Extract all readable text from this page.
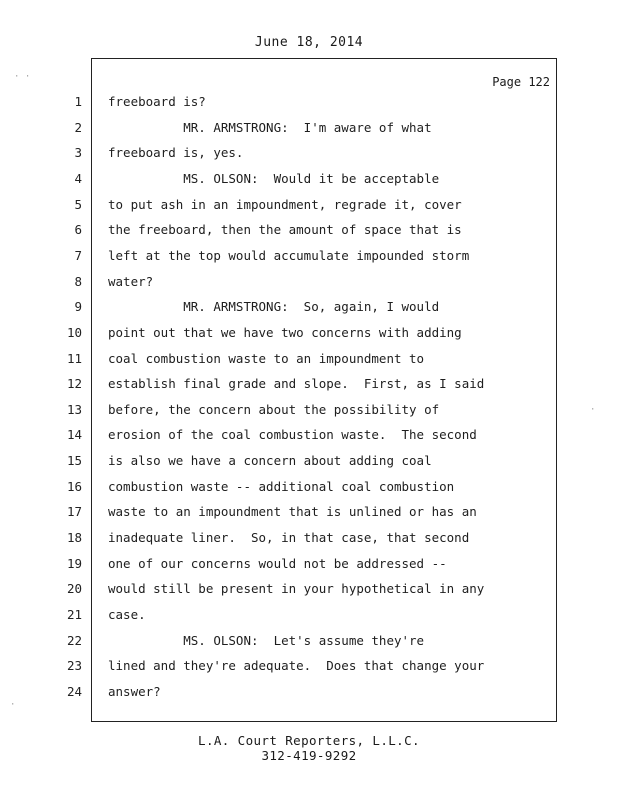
June 18, 2014
Page 122
1 freeboard is?
2 MR. ARMSTRONG:  I'm aware of what
3 freeboard is, yes.
4 MS. OLSON:  Would it be acceptable
5 to put ash in an impoundment, regrade it, cover
6 the freeboard, then the amount of space that is
7 left at the top would accumulate impounded storm
8 water?
9 MR. ARMSTRONG:  So, again, I would
10 point out that we have two concerns with adding
11 coal combustion waste to an impoundment to
12 establish final grade and slope.  First, as I said
13 before, the concern about the possibility of
14 erosion of the coal combustion waste.  The second
15 is also we have a concern about adding coal
16 combustion waste -- additional coal combustion
17 waste to an impoundment that is unlined or has an
18 inadequate liner.  So, in that case, that second
19 one of our concerns would not be addressed --
20 would still be present in your hypothetical in any
21 case.
22 MS. OLSON:  Let's assume they're
23 lined and they're adequate.  Does that change your
24 answer?
L.A. Court Reporters, L.L.C.
312-419-9292
· ·
·
·
